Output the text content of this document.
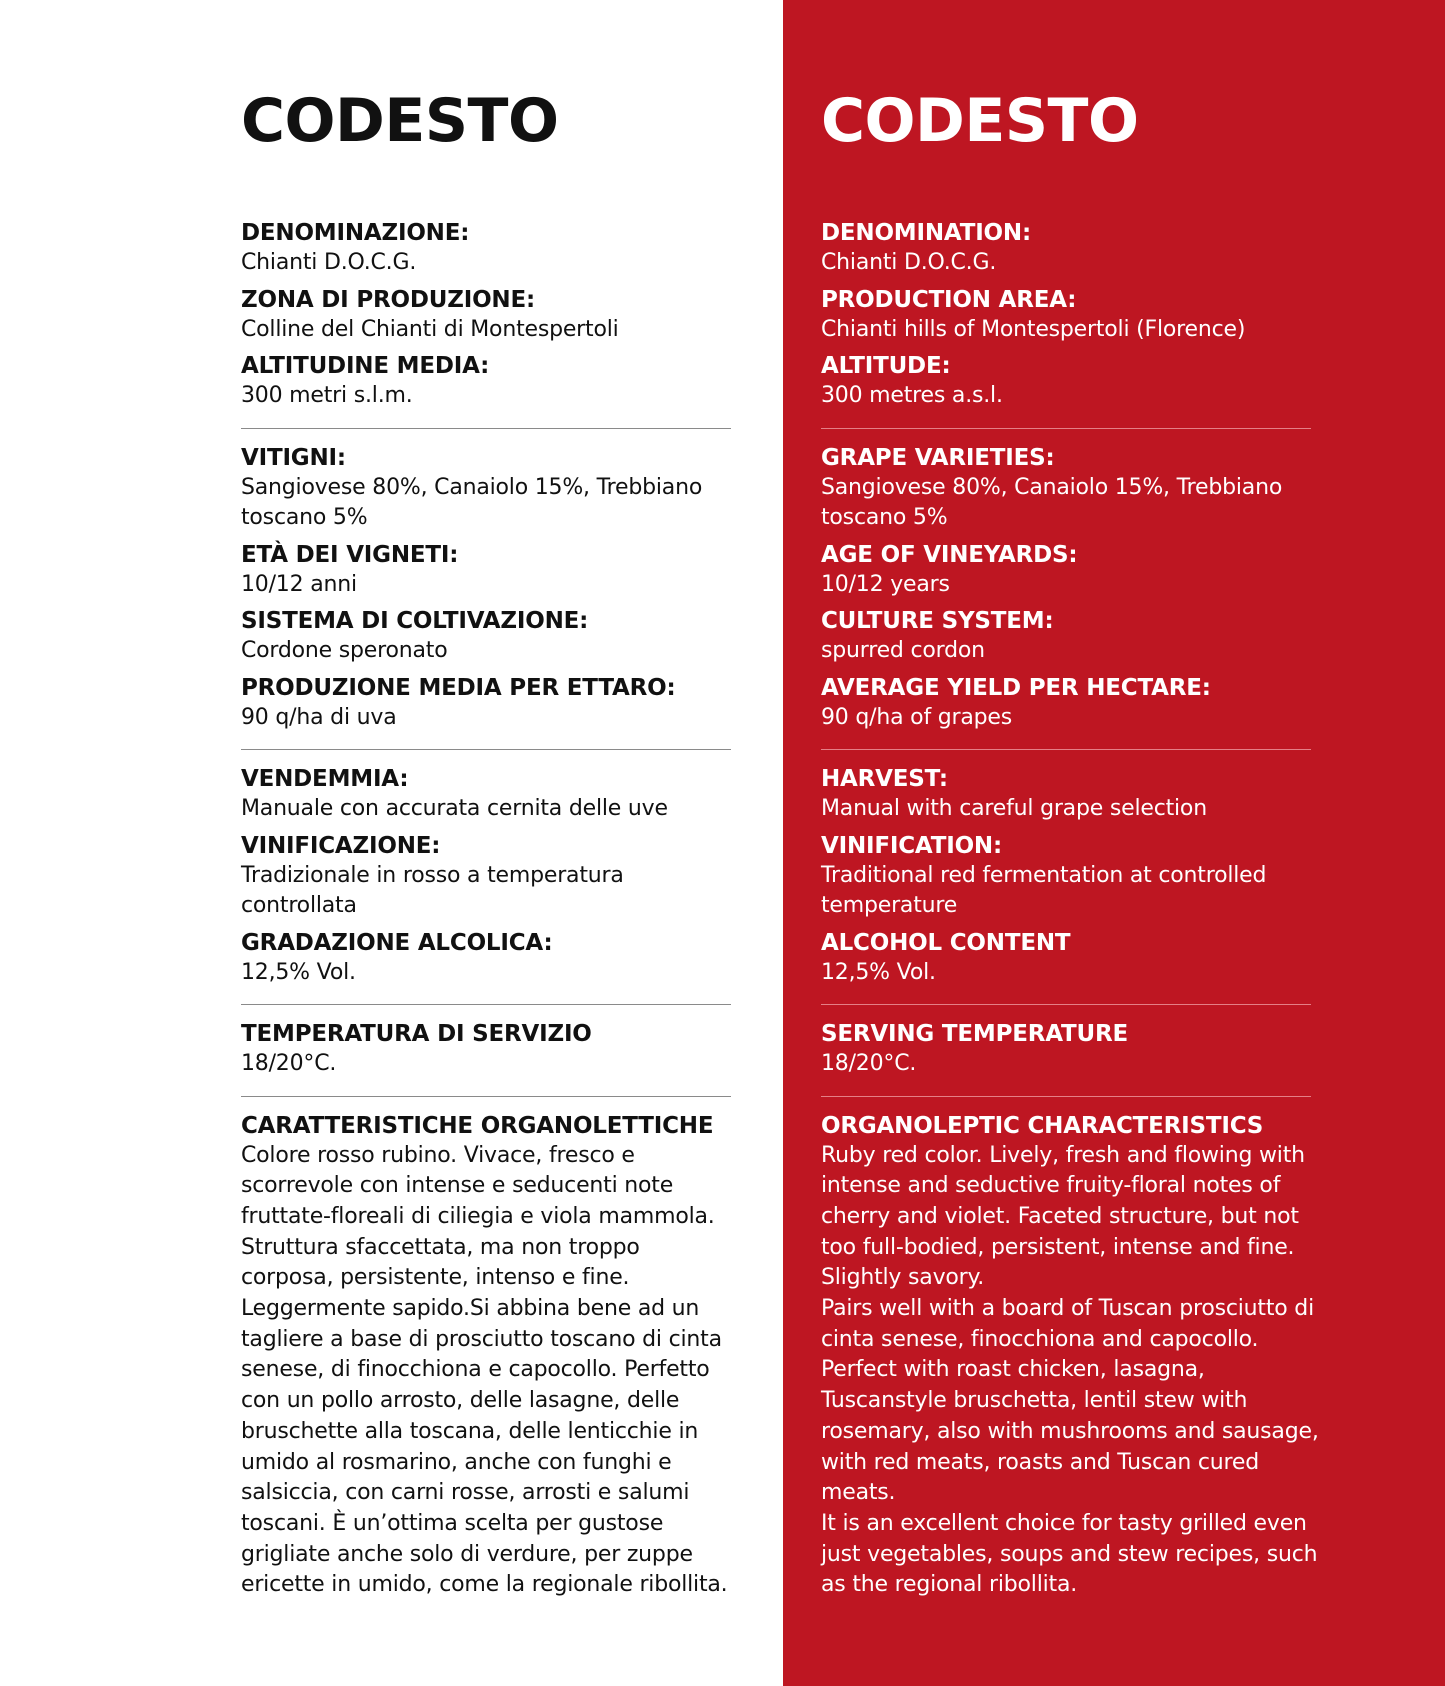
CODESTO
DENOMINAZIONE:
Chianti D.O.C.G.
ZONA DI PRODUZIONE:
Colline del Chianti di Montespertoli
ALTITUDINE MEDIA:
300 metri s.l.m.
VITIGNI:
Sangiovese 80%, Canaiolo 15%, Trebbiano toscano 5%
ETÀ DEI VIGNETI:
10/12 anni
SISTEMA DI COLTIVAZIONE:
Cordone speronato
PRODUZIONE MEDIA PER ETTARO:
90 q/ha di uva
VENDEMMIA:
Manuale con accurata cernita delle uve
VINIFICAZIONE:
Tradizionale in rosso a temperatura controllata
GRADAZIONE ALCOLICA:
12,5% Vol.
TEMPERATURA DI SERVIZIO
18/20°C.
CARATTERISTICHE ORGANOLETTICHE
Colore rosso rubino. Vivace, fresco e scorrevole con intense e seducenti note fruttate-floreali di ciliegia e viola mammola. Struttura sfaccettata, ma non troppo corposa, persistente, intenso e fine. Leggermente sapido.Si abbina bene ad un tagliere a base di prosciutto toscano di cinta senese, di finocchiona e capocollo. Perfetto con un pollo arrosto, delle lasagne, delle bruschette alla toscana, delle lenticchie in umido al rosmarino, anche con funghi e salsiccia, con carni rosse, arrosti e salumi toscani. È un’ottima scelta per gustose grigliate anche solo di verdure, per zuppe ericette in umido, come la regionale ribollita.
CODESTO
DENOMINATION:
Chianti D.O.C.G.
PRODUCTION AREA:
Chianti hills of Montespertoli (Florence)
ALTITUDE:
300 metres a.s.l.
GRAPE VARIETIES:
Sangiovese 80%, Canaiolo 15%, Trebbiano toscano 5%
AGE OF VINEYARDS:
10/12 years
CULTURE SYSTEM:
spurred cordon
AVERAGE YIELD PER HECTARE:
90 q/ha of grapes
HARVEST:
Manual with careful grape selection
VINIFICATION:
Traditional red fermentation at controlled temperature
ALCOHOL CONTENT
12,5% Vol.
SERVING TEMPERATURE
18/20°C.
ORGANOLEPTIC CHARACTERISTICS
Ruby red color. Lively, fresh and flowing with intense and seductive fruity-floral notes of cherry and violet. Faceted structure, but not too full-bodied, persistent, intense and fine. Slightly savory.
Pairs well with a board of Tuscan prosciutto di cinta senese, finocchiona and capocollo. Perfect with roast chicken, lasagna, Tuscanstyle bruschetta, lentil stew with rosemary, also with mushrooms and sausage, with red meats, roasts and Tuscan cured meats.
It is an excellent choice for tasty grilled even just vegetables, soups and stew recipes, such as the regional ribollita.
